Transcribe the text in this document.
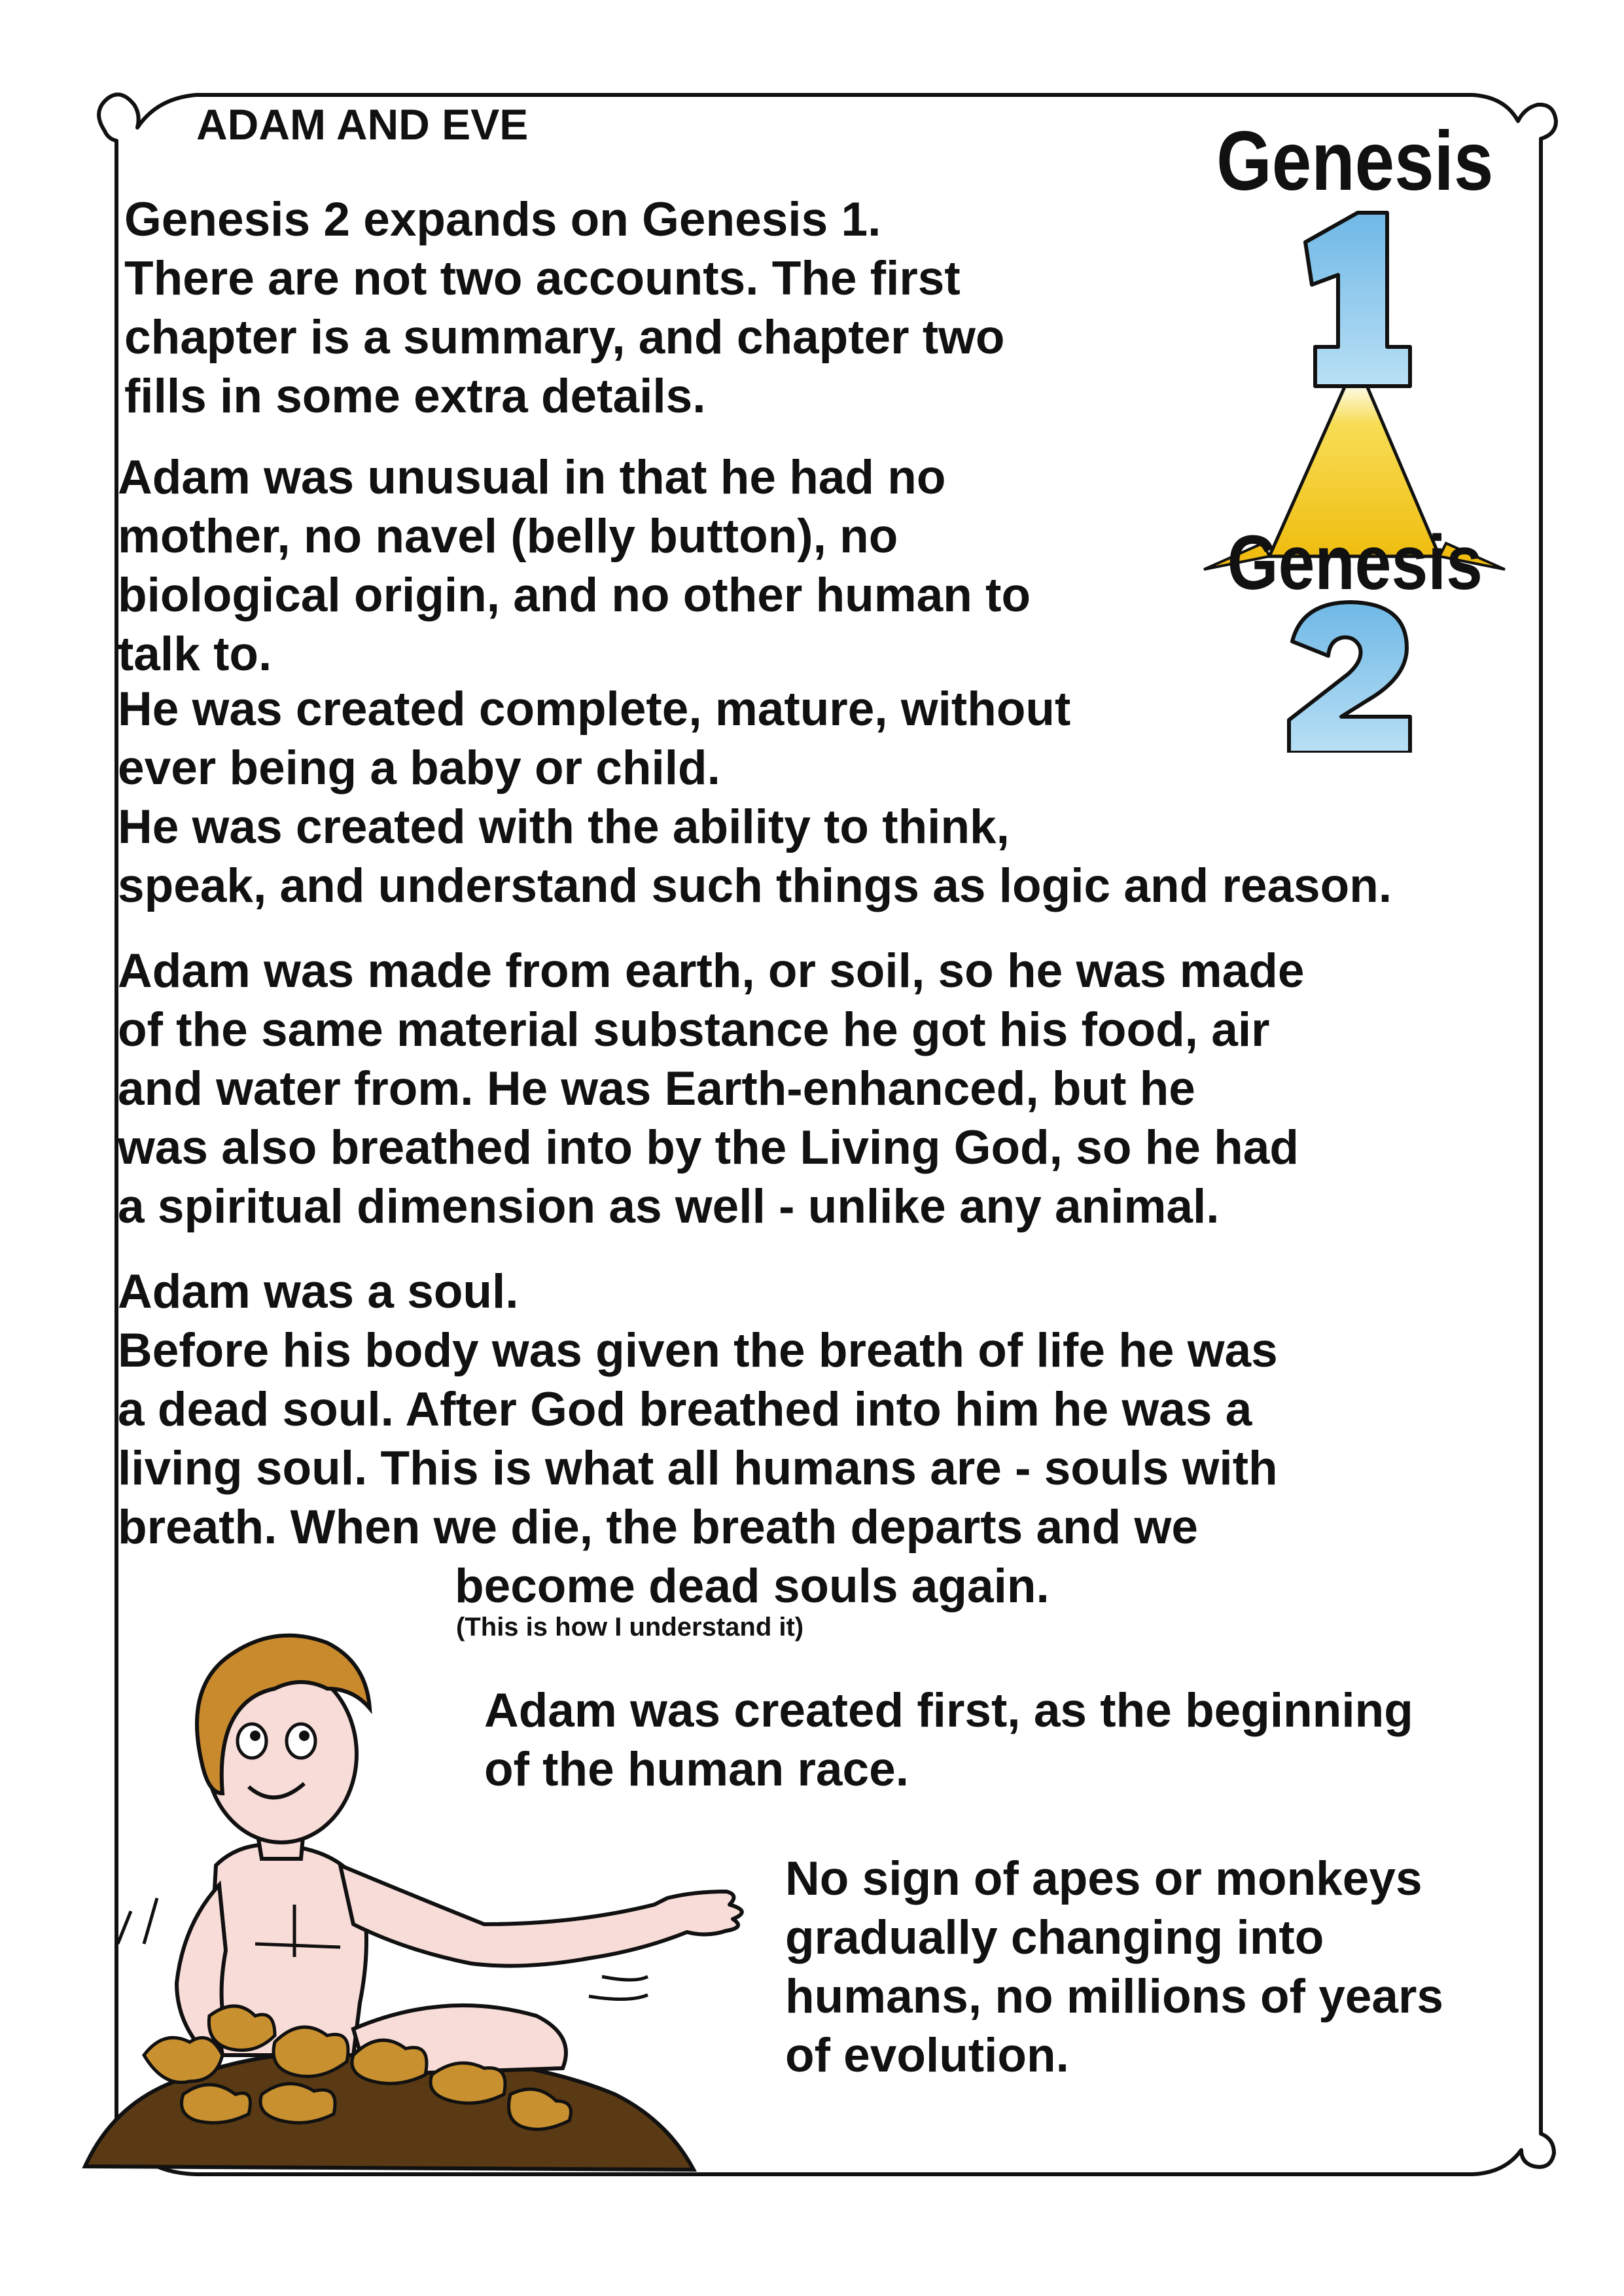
ADAM AND EVE

Genesis 2 expands on Genesis 1.

There are not two accounts. The first

chapter is a summary, and chapter two

fills in some extra details.

Adam was unusual in that he had no

mother, no navel (belly button), no

biological origin, and no other human to

talk to.

He was created complete, mature, without

ever being a baby or child.

He was created with the ability to think,

speak, and understand such things as logic and reason.

Adam was made from earth, or soil, so he was made

of the same material substance he got his food, air

and water from. He was Earth-enhanced, but he

was also breathed into by the Living God, so he had

a spiritual dimension as well - unlike any animal.

Adam was a soul.

Before his body was given the breath of life he was

a dead soul. After God breathed into him he was a

living soul. This is what all humans are - souls with

breath. When we die, the breath departs and we

become dead souls again.

(This is how I understand it)

Adam was created first, as the beginning

of the human race.

No sign of apes or monkeys

gradually changing into

humans, no millions of years

of evolution.

Genesis
Genesis
